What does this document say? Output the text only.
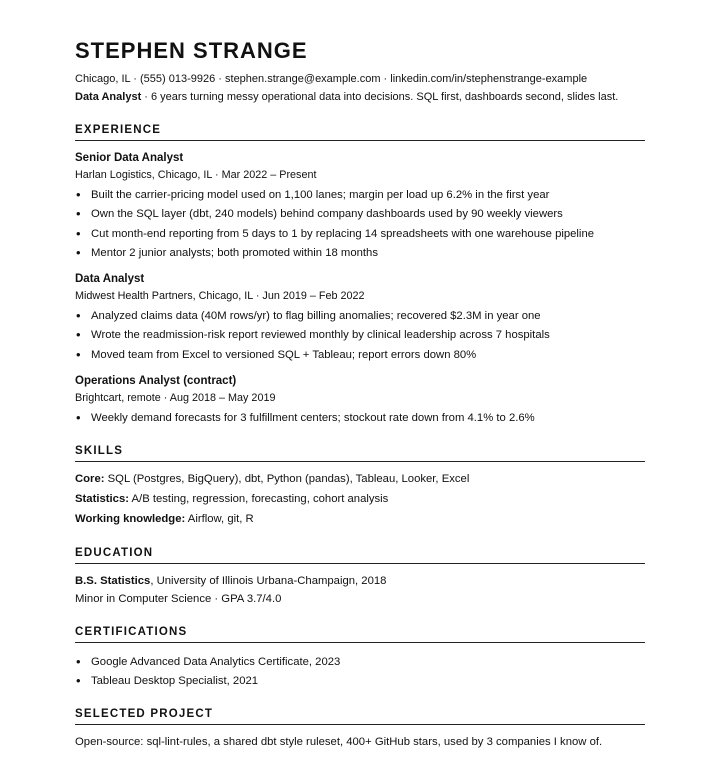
STEPHEN STRANGE
Chicago, IL · (555) 013-9926 · stephen.strange@example.com · linkedin.com/in/stephenstrange-example
Data Analyst · 6 years turning messy operational data into decisions. SQL first, dashboards second, slides last.
EXPERIENCE
Senior Data Analyst
Harlan Logistics, Chicago, IL · Mar 2022 – Present
• Built the carrier-pricing model used on 1,100 lanes; margin per load up 6.2% in the first year
• Own the SQL layer (dbt, 240 models) behind company dashboards used by 90 weekly viewers
• Cut month-end reporting from 5 days to 1 by replacing 14 spreadsheets with one warehouse pipeline
• Mentor 2 junior analysts; both promoted within 18 months
Data Analyst
Midwest Health Partners, Chicago, IL · Jun 2019 – Feb 2022
• Analyzed claims data (40M rows/yr) to flag billing anomalies; recovered $2.3M in year one
• Wrote the readmission-risk report reviewed monthly by clinical leadership across 7 hospitals
• Moved team from Excel to versioned SQL + Tableau; report errors down 80%
Operations Analyst (contract)
Brightcart, remote · Aug 2018 – May 2019
• Weekly demand forecasts for 3 fulfillment centers; stockout rate down from 4.1% to 2.6%
SKILLS
Core: SQL (Postgres, BigQuery), dbt, Python (pandas), Tableau, Looker, Excel
Statistics: A/B testing, regression, forecasting, cohort analysis
Working knowledge: Airflow, git, R
EDUCATION
B.S. Statistics, University of Illinois Urbana-Champaign, 2018
Minor in Computer Science · GPA 3.7/4.0
CERTIFICATIONS
• Google Advanced Data Analytics Certificate, 2023
• Tableau Desktop Specialist, 2021
SELECTED PROJECT
Open-source: sql-lint-rules, a shared dbt style ruleset, 400+ GitHub stars, used by 3 companies I know of.
